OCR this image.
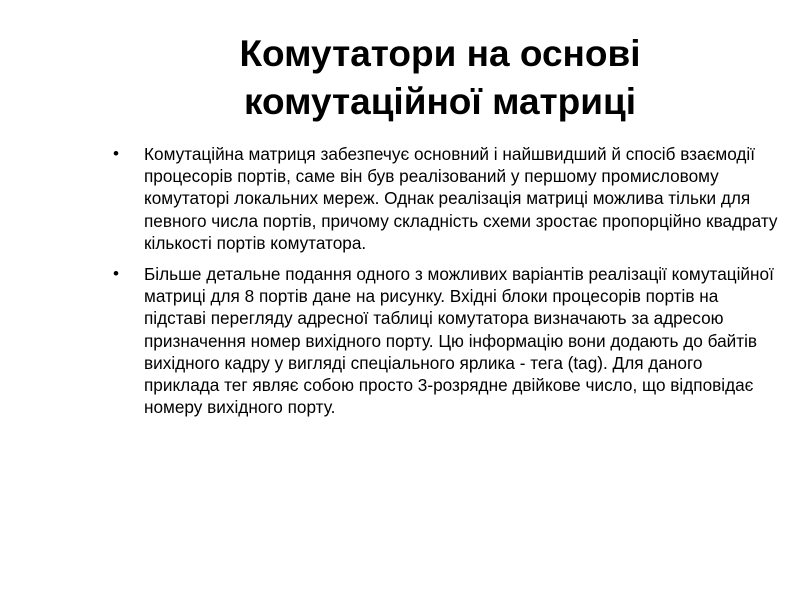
Комутатори на основі
комутаційної матриці
• Комутаційна матриця забезпечує основний і найшвидший й спосіб взаємодії процесорів портів, саме він був реалізований у першому промисловому комутаторі локальних мереж. Однак реалізація матриці можлива тільки для певного числа портів, причому складність схеми зростає пропорційно квадрату кількості портів комутатора.
• Більше детальне подання одного з можливих варіантів реалізації комутаційної матриці для 8 портів дане на рисунку. Вхідні блоки процесорів портів на підставі перегляду адресної таблиці комутатора визначають за адресою призначення номер вихідного порту. Цю інформацію вони додають до байтів вихідного кадру у вигляді спеціального ярлика - тега (tag). Для даного приклада тег являє собою просто 3-розрядне двійкове число, що відповідає номеру вихідного порту.
